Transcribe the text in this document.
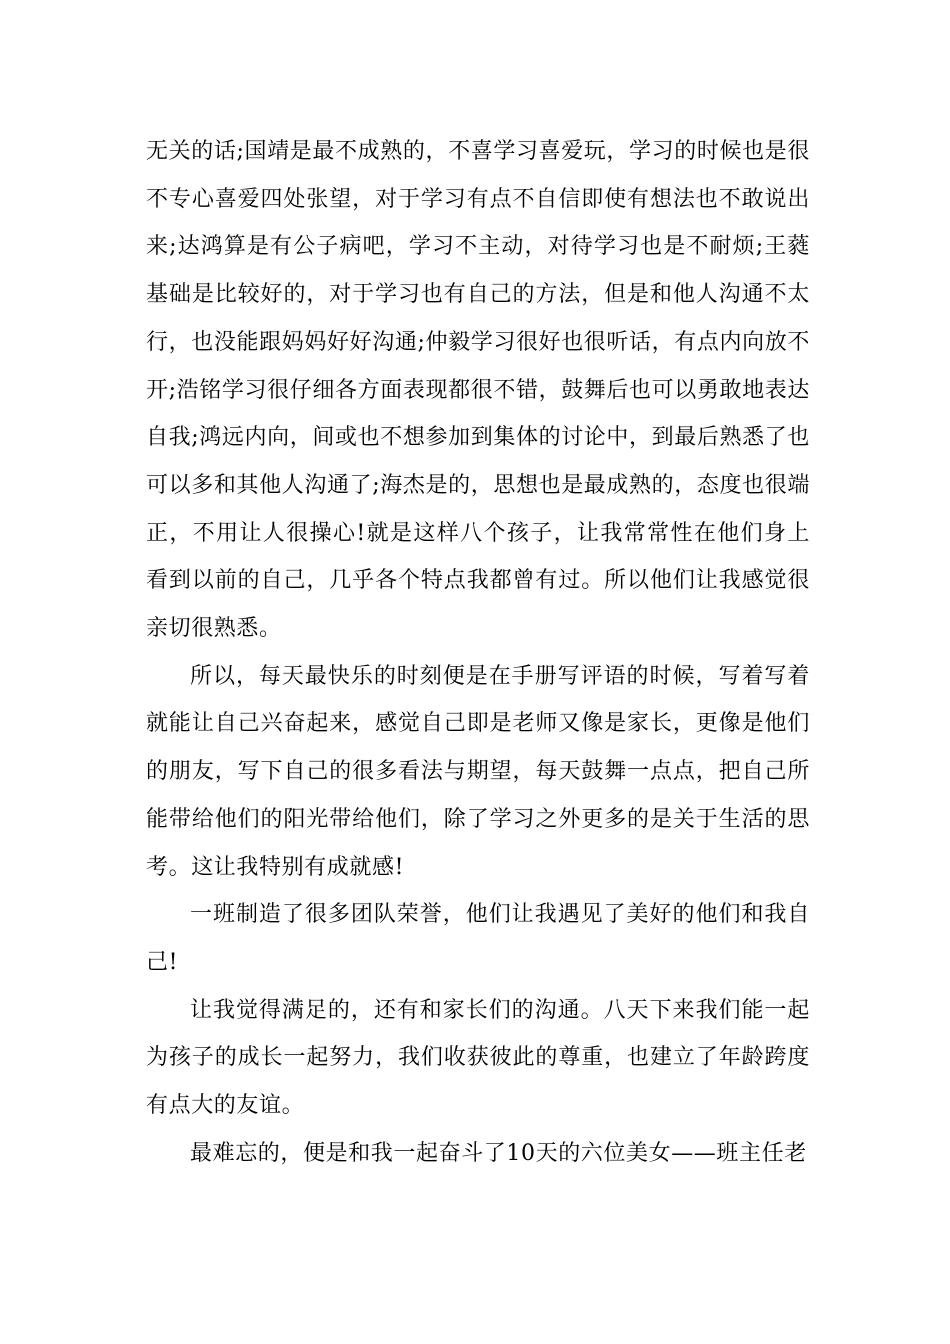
无关的话;国靖是最不成熟的，不喜学习喜爱玩，学习的时候也是很不专心喜爱四处张望，对于学习有点不自信即使有想法也不敢说出来;达鸿算是有公子病吧，学习不主动，对待学习也是不耐烦;王蕤基础是比较好的，对于学习也有自己的方法，但是和他人沟通不太行，也没能跟妈妈好好沟通;仲毅学习很好也很听话，有点内向放不开;浩铭学习很仔细各方面表现都很不错，鼓舞后也可以勇敢地表达自我;鸿远内向，间或也不想参加到集体的讨论中，到最后熟悉了也可以多和其他人沟通了;海杰是的，思想也是最成熟的，态度也很端正，不用让人很操心!就是这样八个孩子，让我常常性在他们身上看到以前的自己，几乎各个特点我都曾有过。所以他们让我感觉很亲切很熟悉。

所以，每天最快乐的时刻便是在手册写评语的时候，写着写着就能让自己兴奋起来，感觉自己即是老师又像是家长，更像是他们的朋友，写下自己的很多看法与期望，每天鼓舞一点点，把自己所能带给他们的阳光带给他们，除了学习之外更多的是关于生活的思考。这让我特别有成就感!

一班制造了很多团队荣誉，他们让我遇见了美好的他们和我自己!

让我觉得满足的，还有和家长们的沟通。八天下来我们能一起为孩子的成长一起努力，我们收获彼此的尊重，也建立了年龄跨度有点大的友谊。

最难忘的，便是和我一起奋斗了10天的六位美女——班主任老
